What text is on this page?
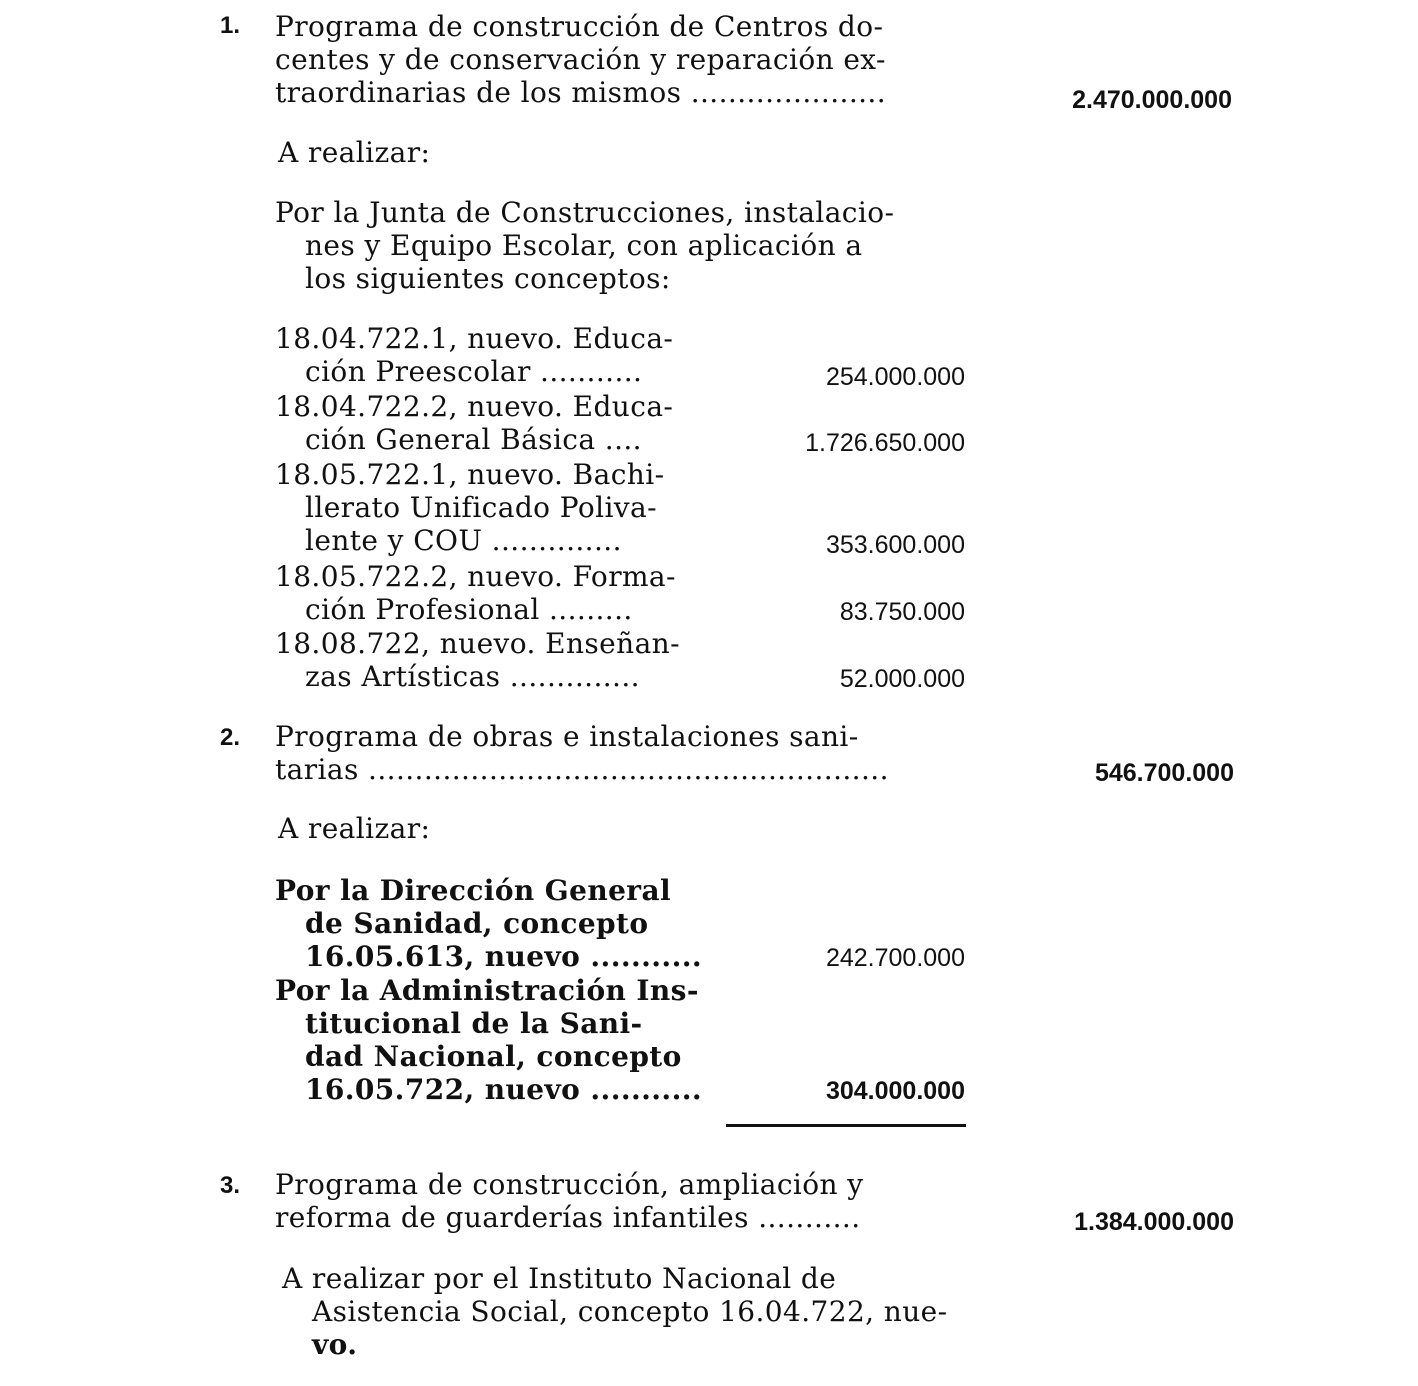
1. Programa de construcción de Centros do-
centes y de conservación y reparación ex-
traordinarias de los mismos .....................	2.470.000.000
A realizar:
Por la Junta de Construcciones, instalacio-
nes y Equipo Escolar, con aplicación a
los siguientes conceptos:
18.04.722.1, nuevo. Educa-
ción Preescolar ...........	254.000.000
18.04.722.2, nuevo. Educa-
ción General Básica ....	1.726.650.000
18.05.722.1, nuevo. Bachi-
llerato Unificado Poliva-
lente y COU ..............	353.600.000
18.05.722.2, nuevo. Forma-
ción Profesional .........	83.750.000
18.08.722, nuevo. Enseñan-
zas Artísticas ..............	52.000.000
2. Programa de obras e instalaciones sani-
tarias ........................................................	546.700.000
A realizar:
Por la Dirección General
de Sanidad, concepto
16.05.613, nuevo ...........	242.700.000
Por la Administración Ins-
titucional de la Sani-
dad Nacional, concepto
16.05.722, nuevo ...........	304.000.000
3. Programa de construcción, ampliación y
reforma de guarderías infantiles ...........	1.384.000.000
A realizar por el Instituto Nacional de
Asistencia Social, concepto 16.04.722, nue-
vo.
